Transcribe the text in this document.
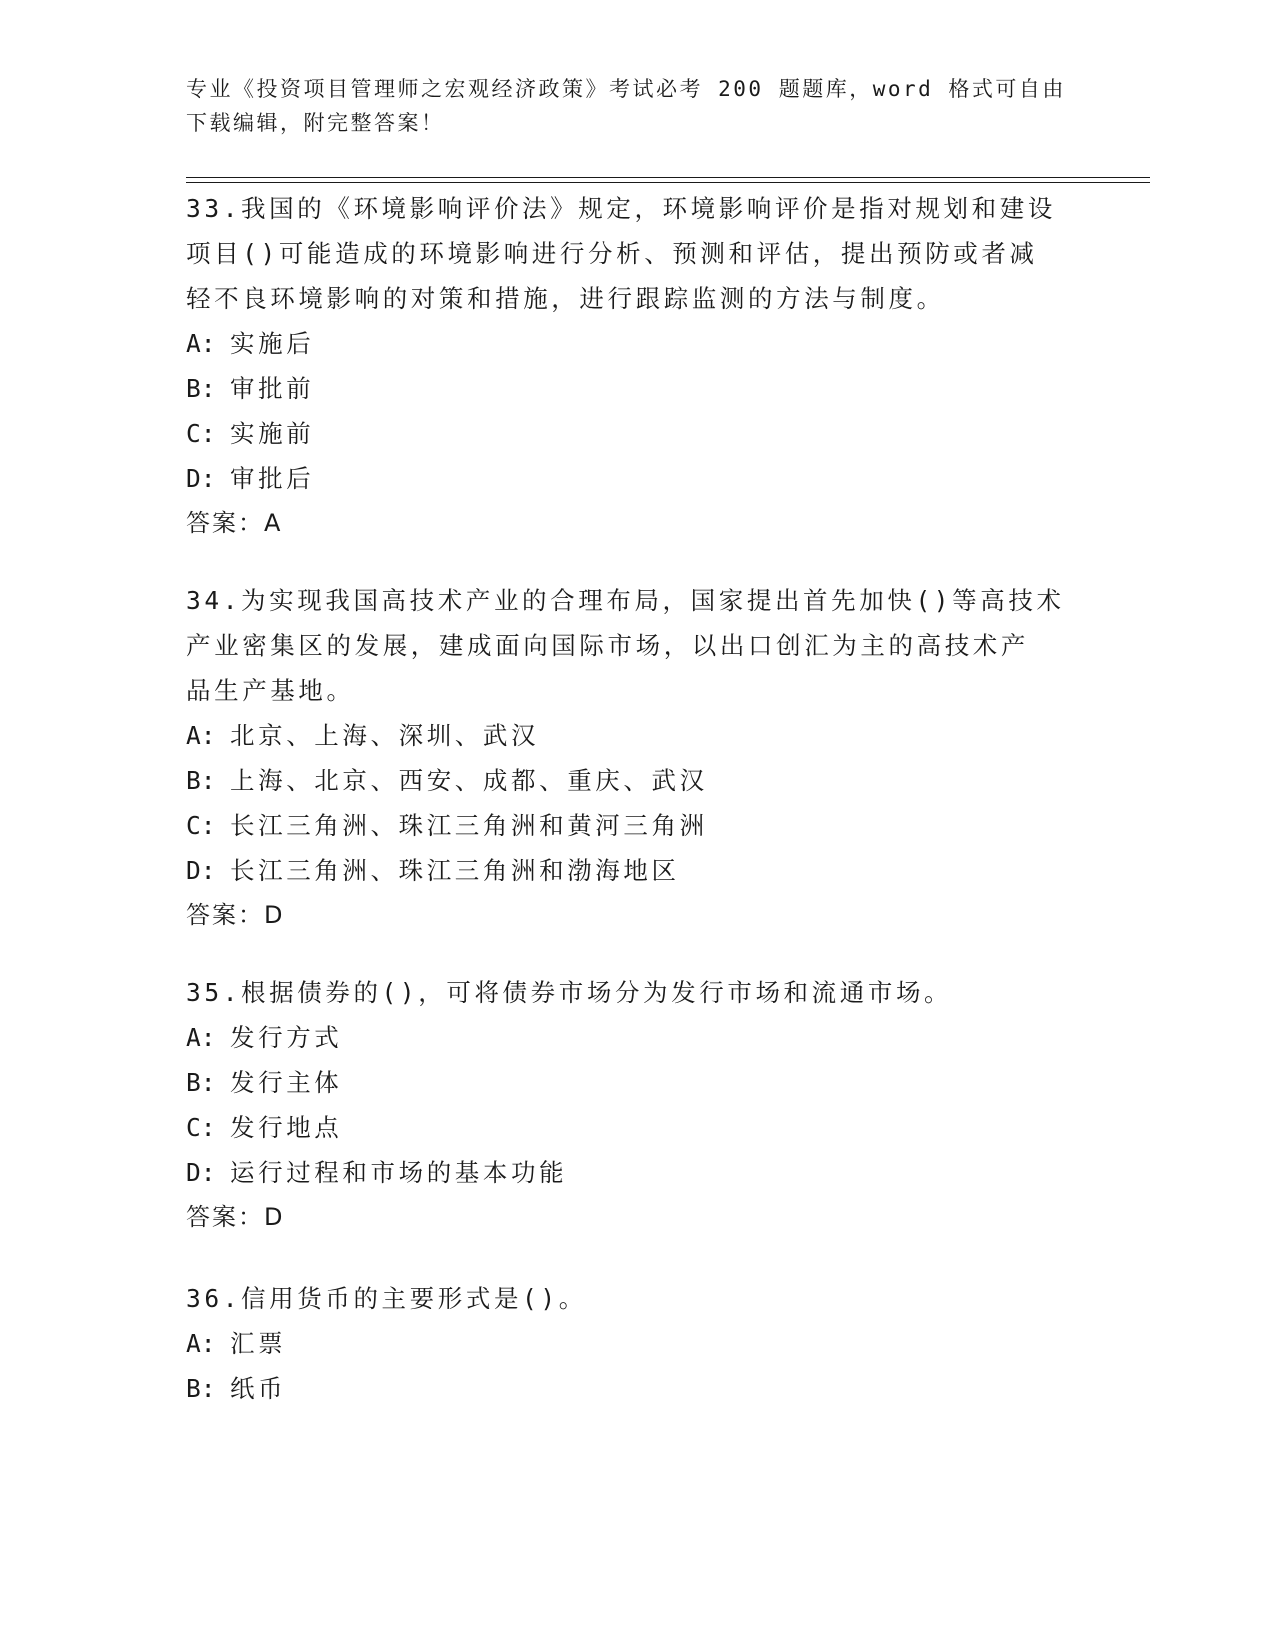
专业《投资项目管理师之宏观经济政策》考试必考 200 题题库，word 格式可自由
下载编辑，附完整答案！
33.我国的《环境影响评价法》规定，环境影响评价是指对规划和建设
项目()可能造成的环境影响进行分析、预测和评估，提出预防或者减
轻不良环境影响的对策和措施，进行跟踪监测的方法与制度。
A: 实施后
B: 审批前
C: 实施前
D: 审批后
答案：A
34.为实现我国高技术产业的合理布局，国家提出首先加快()等高技术
产业密集区的发展，建成面向国际市场，以出口创汇为主的高技术产
品生产基地。
A: 北京、上海、深圳、武汉
B: 上海、北京、西安、成都、重庆、武汉
C: 长江三角洲、珠江三角洲和黄河三角洲
D: 长江三角洲、珠江三角洲和渤海地区
答案：D
35.根据债券的()，可将债券市场分为发行市场和流通市场。
A: 发行方式
B: 发行主体
C: 发行地点
D: 运行过程和市场的基本功能
答案：D
36.信用货币的主要形式是()。
A: 汇票
B: 纸币
